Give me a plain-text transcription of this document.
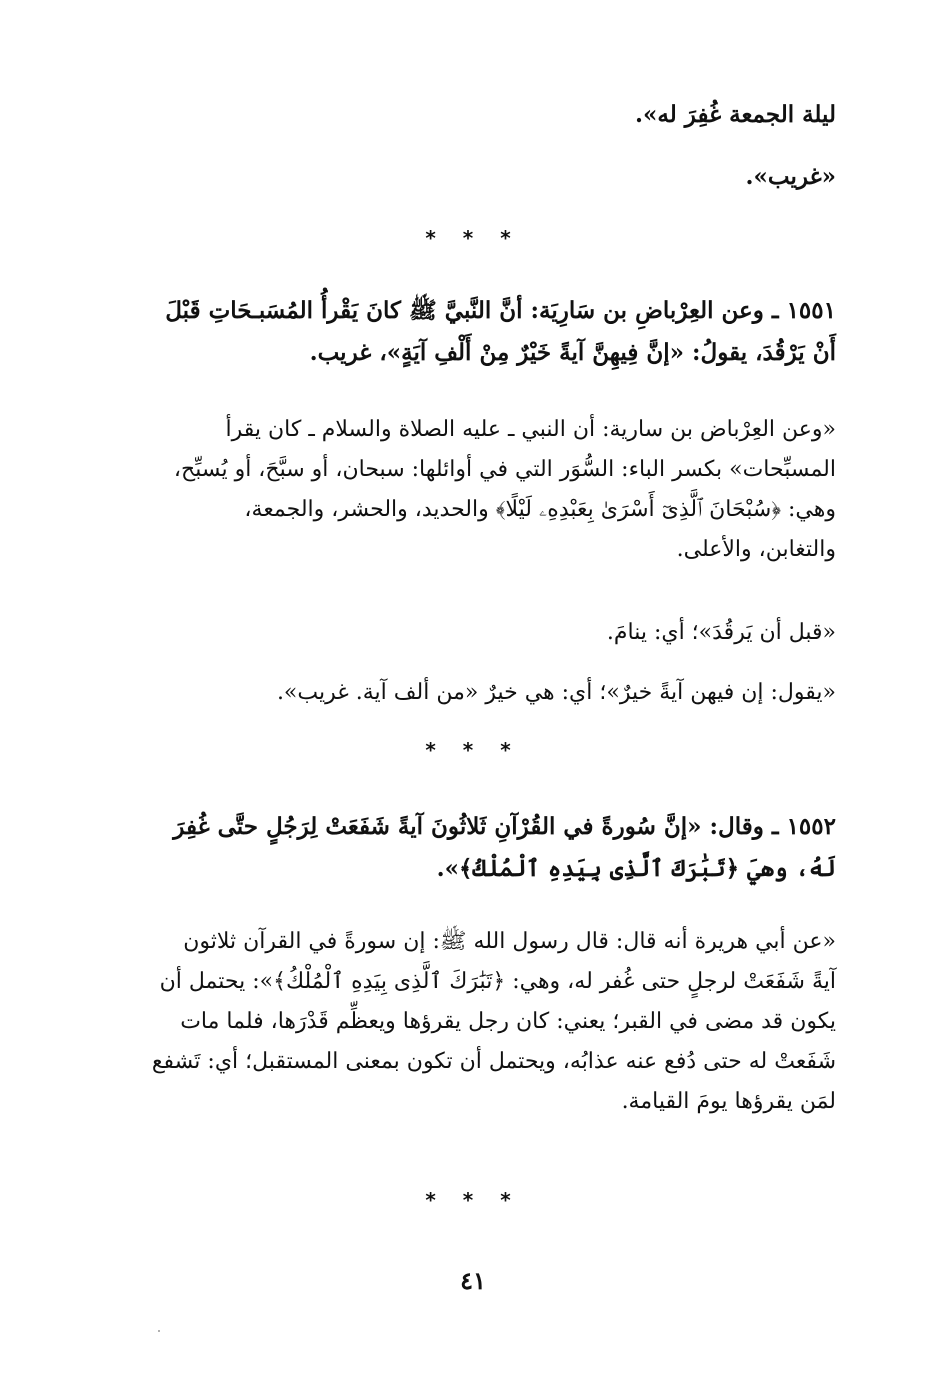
ليلة الجمعة غُفِرَ له».
«غريب».
* * *
١٥٥١ ـ وعن العِرْباضِ بن سَارِيَة: أنَّ النَّبيَّ ﷺ كانَ يَقْرأُ المُسَبـحَاتِ قَبْلَ
أَنْ يَرْقُدَ، يقولُ: «إنَّ فِيهِنَّ آيةً خَيْرٌ مِنْ أَلْفِ آيَةٍ»، غريب.
«وعن العِرْباض بن سارية: أن النبي ـ عليه الصلاة والسلام ـ كان يقرأ
المسبِّحات» بكسر الباء: السُّوَر التي في أوائلها: سبحان، أو سبَّحَ، أو يُسبِّح،
وهي: ﴿سُبْحَانَ ٱلَّذِىٓ أَسْرَىٰ بِعَبْدِهِۦ لَيْلًا﴾ والحديد، والحشر، والجمعة،
والتغابن، والأعلى.
«قبل أن يَرقُدَ»؛ أي: ينامَ.
«يقول: إن فيهن آيةً خيرٌ»؛ أي: هي خيرٌ «من ألف آية. غريب».
* * *
١٥٥٢ ـ وقال: «إنَّ سُورةً في القُرْآنِ ثَلاثُونَ آيةً شَفَعَتْ لِرَجُلٍ حتَّى غُفِرَ
لَهُ، وهيَ ﴿تَبَٰرَكَ ٱلَّذِى بِيَدِهِ ٱلْمُلْكُ﴾».
«عن أبي هريرة أنه قال: قال رسول الله ﷺ: إن سورةً في القرآن ثلاثون
آيةً شَفَعَتْ لرجلٍ حتى غُفر له، وهي: ﴿تَبَٰرَكَ ٱلَّذِى بِيَدِهِ ٱلْمُلْكُ﴾»: يحتمل أن
يكون قد مضى في القبر؛ يعني: كان رجل يقرؤها ويعظِّم قَدْرَها، فلما مات
شَفَعتْ له حتى دُفع عنه عذابُه، ويحتمل أن تكون بمعنى المستقبل؛ أي: تَشفع
لمَن يقرؤها يومَ القيامة.
* * *
٤١
